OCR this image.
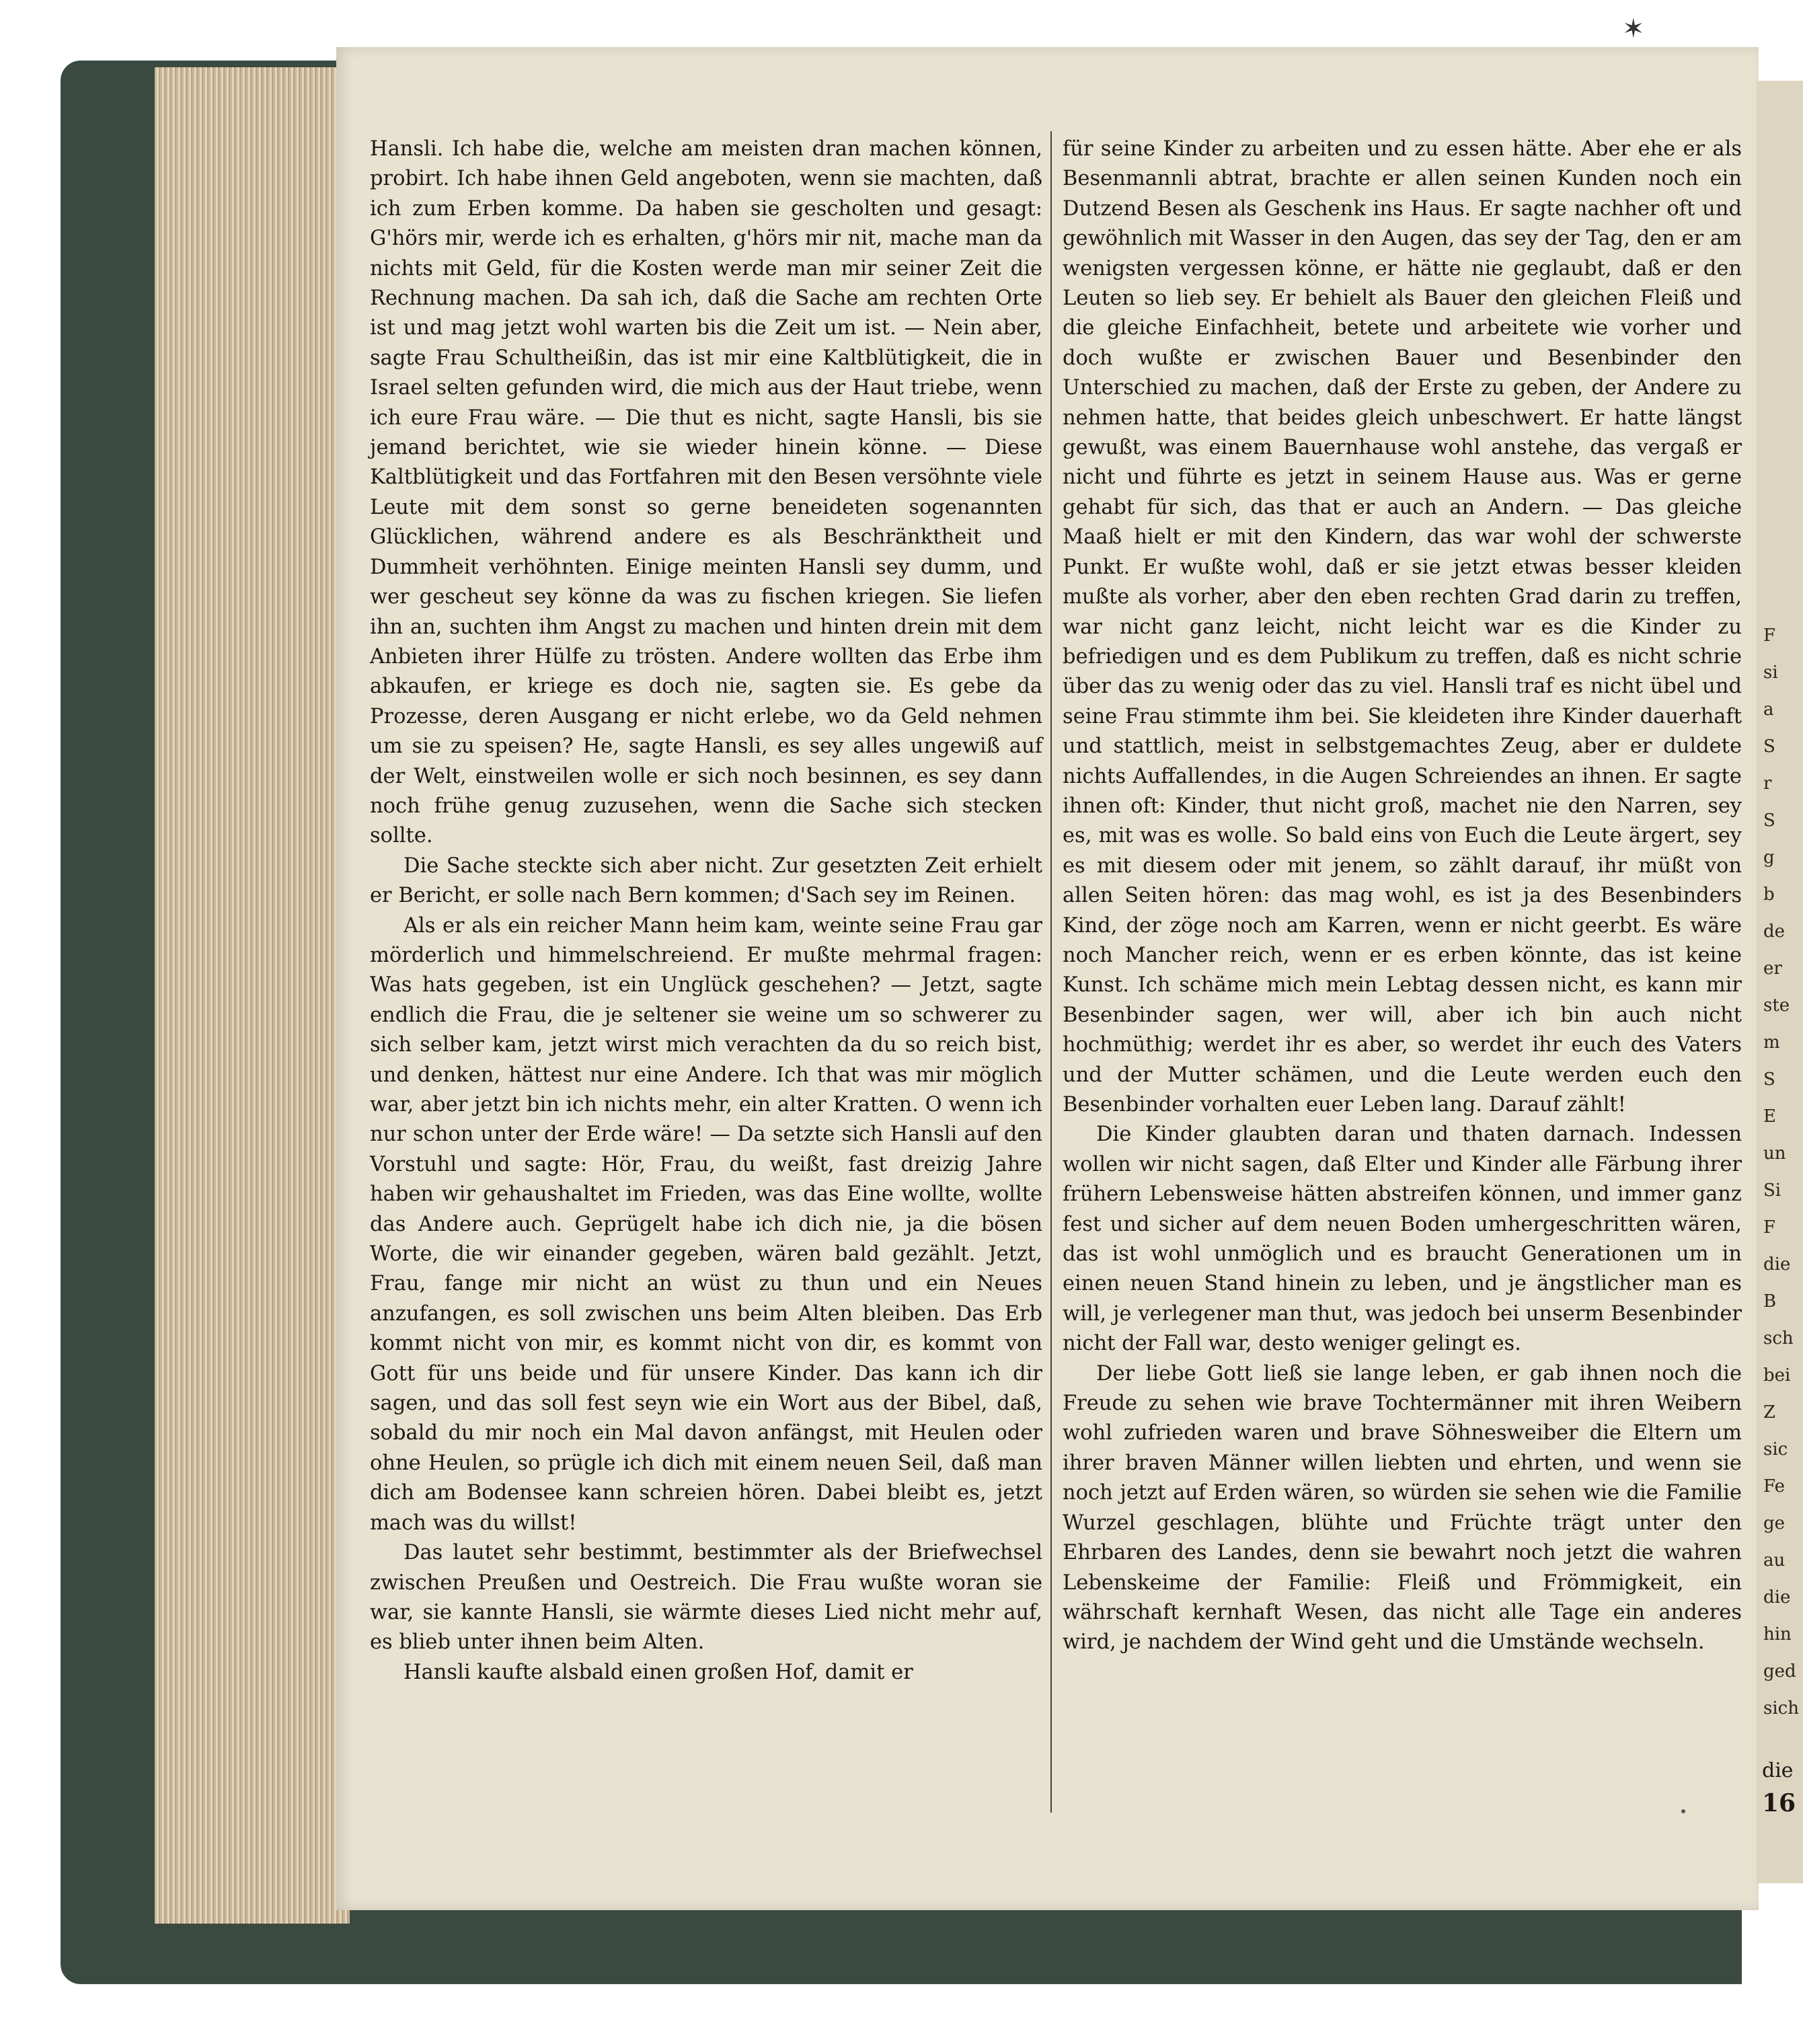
✶

Hansli. Ich habe die, welche am meisten dran machen können, probirt. Ich habe ihnen Geld angeboten, wenn sie machten, daß ich zum Erben komme. Da haben sie gescholten und gesagt: G'hörs mir, werde ich es erhalten, g'hörs mir nit, mache man da nichts mit Geld, für die Kosten werde man mir seiner Zeit die Rechnung machen. Da sah ich, daß die Sache am rechten Orte ist und mag jetzt wohl warten bis die Zeit um ist. — Nein aber, sagte Frau Schultheißin, das ist mir eine Kaltblütigkeit, die in Israel selten gefunden wird, die mich aus der Haut triebe, wenn ich eure Frau wäre. — Die thut es nicht, sagte Hansli, bis sie jemand berichtet, wie sie wieder hinein könne. — Diese Kaltblütigkeit und das Fortfahren mit den Besen versöhnte viele Leute mit dem sonst so gerne beneideten sogenannten Glücklichen, während andere es als Beschränktheit und Dummheit verhöhnten. Einige meinten Hansli sey dumm, und wer gescheut sey könne da was zu fischen kriegen. Sie liefen ihn an, suchten ihm Angst zu machen und hinten drein mit dem Anbieten ihrer Hülfe zu trösten. Andere wollten das Erbe ihm abkaufen, er kriege es doch nie, sagten sie. Es gebe da Prozesse, deren Ausgang er nicht erlebe, wo da Geld nehmen um sie zu speisen? He, sagte Hansli, es sey alles ungewiß auf der Welt, einstweilen wolle er sich noch besinnen, es sey dann noch frühe genug zuzusehen, wenn die Sache sich stecken sollte.

Die Sache steckte sich aber nicht. Zur gesetzten Zeit erhielt er Bericht, er solle nach Bern kommen; d'Sach sey im Reinen.

Als er als ein reicher Mann heim kam, weinte seine Frau gar mörderlich und himmelschreiend. Er mußte mehrmal fragen: Was hats gegeben, ist ein Unglück geschehen? — Jetzt, sagte endlich die Frau, die je seltener sie weine um so schwerer zu sich selber kam, jetzt wirst mich verachten da du so reich bist, und denken, hättest nur eine Andere. Ich that was mir möglich war, aber jetzt bin ich nichts mehr, ein alter Kratten. O wenn ich nur schon unter der Erde wäre! — Da setzte sich Hansli auf den Vorstuhl und sagte: Hör, Frau, du weißt, fast dreizig Jahre haben wir gehaushaltet im Frieden, was das Eine wollte, wollte das Andere auch. Geprügelt habe ich dich nie, ja die bösen Worte, die wir einander gegeben, wären bald gezählt. Jetzt, Frau, fange mir nicht an wüst zu thun und ein Neues anzufangen, es soll zwischen uns beim Alten bleiben. Das Erb kommt nicht von mir, es kommt nicht von dir, es kommt von Gott für uns beide und für unsere Kinder. Das kann ich dir sagen, und das soll fest seyn wie ein Wort aus der Bibel, daß, sobald du mir noch ein Mal davon anfängst, mit Heulen oder ohne Heulen, so prügle ich dich mit einem neuen Seil, daß man dich am Bodensee kann schreien hören. Dabei bleibt es, jetzt mach was du willst!

Das lautet sehr bestimmt, bestimmter als der Briefwechsel zwischen Preußen und Oestreich. Die Frau wußte woran sie war, sie kannte Hansli, sie wärmte dieses Lied nicht mehr auf, es blieb unter ihnen beim Alten.

Hansli kaufte alsbald einen großen Hof, damit er

für seine Kinder zu arbeiten und zu essen hätte. Aber ehe er als Besenmannli abtrat, brachte er allen seinen Kunden noch ein Dutzend Besen als Geschenk ins Haus. Er sagte nachher oft und gewöhnlich mit Wasser in den Augen, das sey der Tag, den er am wenigsten vergessen könne, er hätte nie geglaubt, daß er den Leuten so lieb sey. Er behielt als Bauer den gleichen Fleiß und die gleiche Einfachheit, betete und arbeitete wie vorher und doch wußte er zwischen Bauer und Besenbinder den Unterschied zu machen, daß der Erste zu geben, der Andere zu nehmen hatte, that beides gleich unbeschwert. Er hatte längst gewußt, was einem Bauernhause wohl anstehe, das vergaß er nicht und führte es jetzt in seinem Hause aus. Was er gerne gehabt für sich, das that er auch an Andern. — Das gleiche Maaß hielt er mit den Kindern, das war wohl der schwerste Punkt. Er wußte wohl, daß er sie jetzt etwas besser kleiden mußte als vorher, aber den eben rechten Grad darin zu treffen, war nicht ganz leicht, nicht leicht war es die Kinder zu befriedigen und es dem Publikum zu treffen, daß es nicht schrie über das zu wenig oder das zu viel. Hansli traf es nicht übel und seine Frau stimmte ihm bei. Sie kleideten ihre Kinder dauerhaft und stattlich, meist in selbstgemachtes Zeug, aber er duldete nichts Auffallendes, in die Augen Schreiendes an ihnen. Er sagte ihnen oft: Kinder, thut nicht groß, machet nie den Narren, sey es, mit was es wolle. So bald eins von Euch die Leute ärgert, sey es mit diesem oder mit jenem, so zählt darauf, ihr müßt von allen Seiten hören: das mag wohl, es ist ja des Besenbinders Kind, der zöge noch am Karren, wenn er nicht geerbt. Es wäre noch Mancher reich, wenn er es erben könnte, das ist keine Kunst. Ich schäme mich mein Lebtag dessen nicht, es kann mir Besenbinder sagen, wer will, aber ich bin auch nicht hochmüthig; werdet ihr es aber, so werdet ihr euch des Vaters und der Mutter schämen, und die Leute werden euch den Besenbinder vorhalten euer Leben lang. Darauf zählt!

Die Kinder glaubten daran und thaten darnach. Indessen wollen wir nicht sagen, daß Elter und Kinder alle Färbung ihrer frühern Lebensweise hätten abstreifen können, und immer ganz fest und sicher auf dem neuen Boden umhergeschritten wären, das ist wohl unmöglich und es braucht Generationen um in einen neuen Stand hinein zu leben, und je ängstlicher man es will, je verlegener man thut, was jedoch bei unserm Besenbinder nicht der Fall war, desto weniger gelingt es.

Der liebe Gott ließ sie lange leben, er gab ihnen noch die Freude zu sehen wie brave Tochtermänner mit ihren Weibern wohl zufrieden waren und brave Söhnesweiber die Eltern um ihrer braven Männer willen liebten und ehrten, und wenn sie noch jetzt auf Erden wären, so würden sie sehen wie die Familie Wurzel geschlagen, blühte und Früchte trägt unter den Ehrbaren des Landes, denn sie bewahrt noch jetzt die wahren Lebenskeime der Familie: Fleiß und Frömmigkeit, ein währschaft kernhaft Wesen, das nicht alle Tage ein anderes wird, je nachdem der Wind geht und die Umstände wechseln.

F
si
a
S
r
S
g
b
de
er
ste
m
S
E
un
Si
F
die
B
sch
bei
Z
sic
Fe
ge
au
die
hin
ged
sich
die
16
